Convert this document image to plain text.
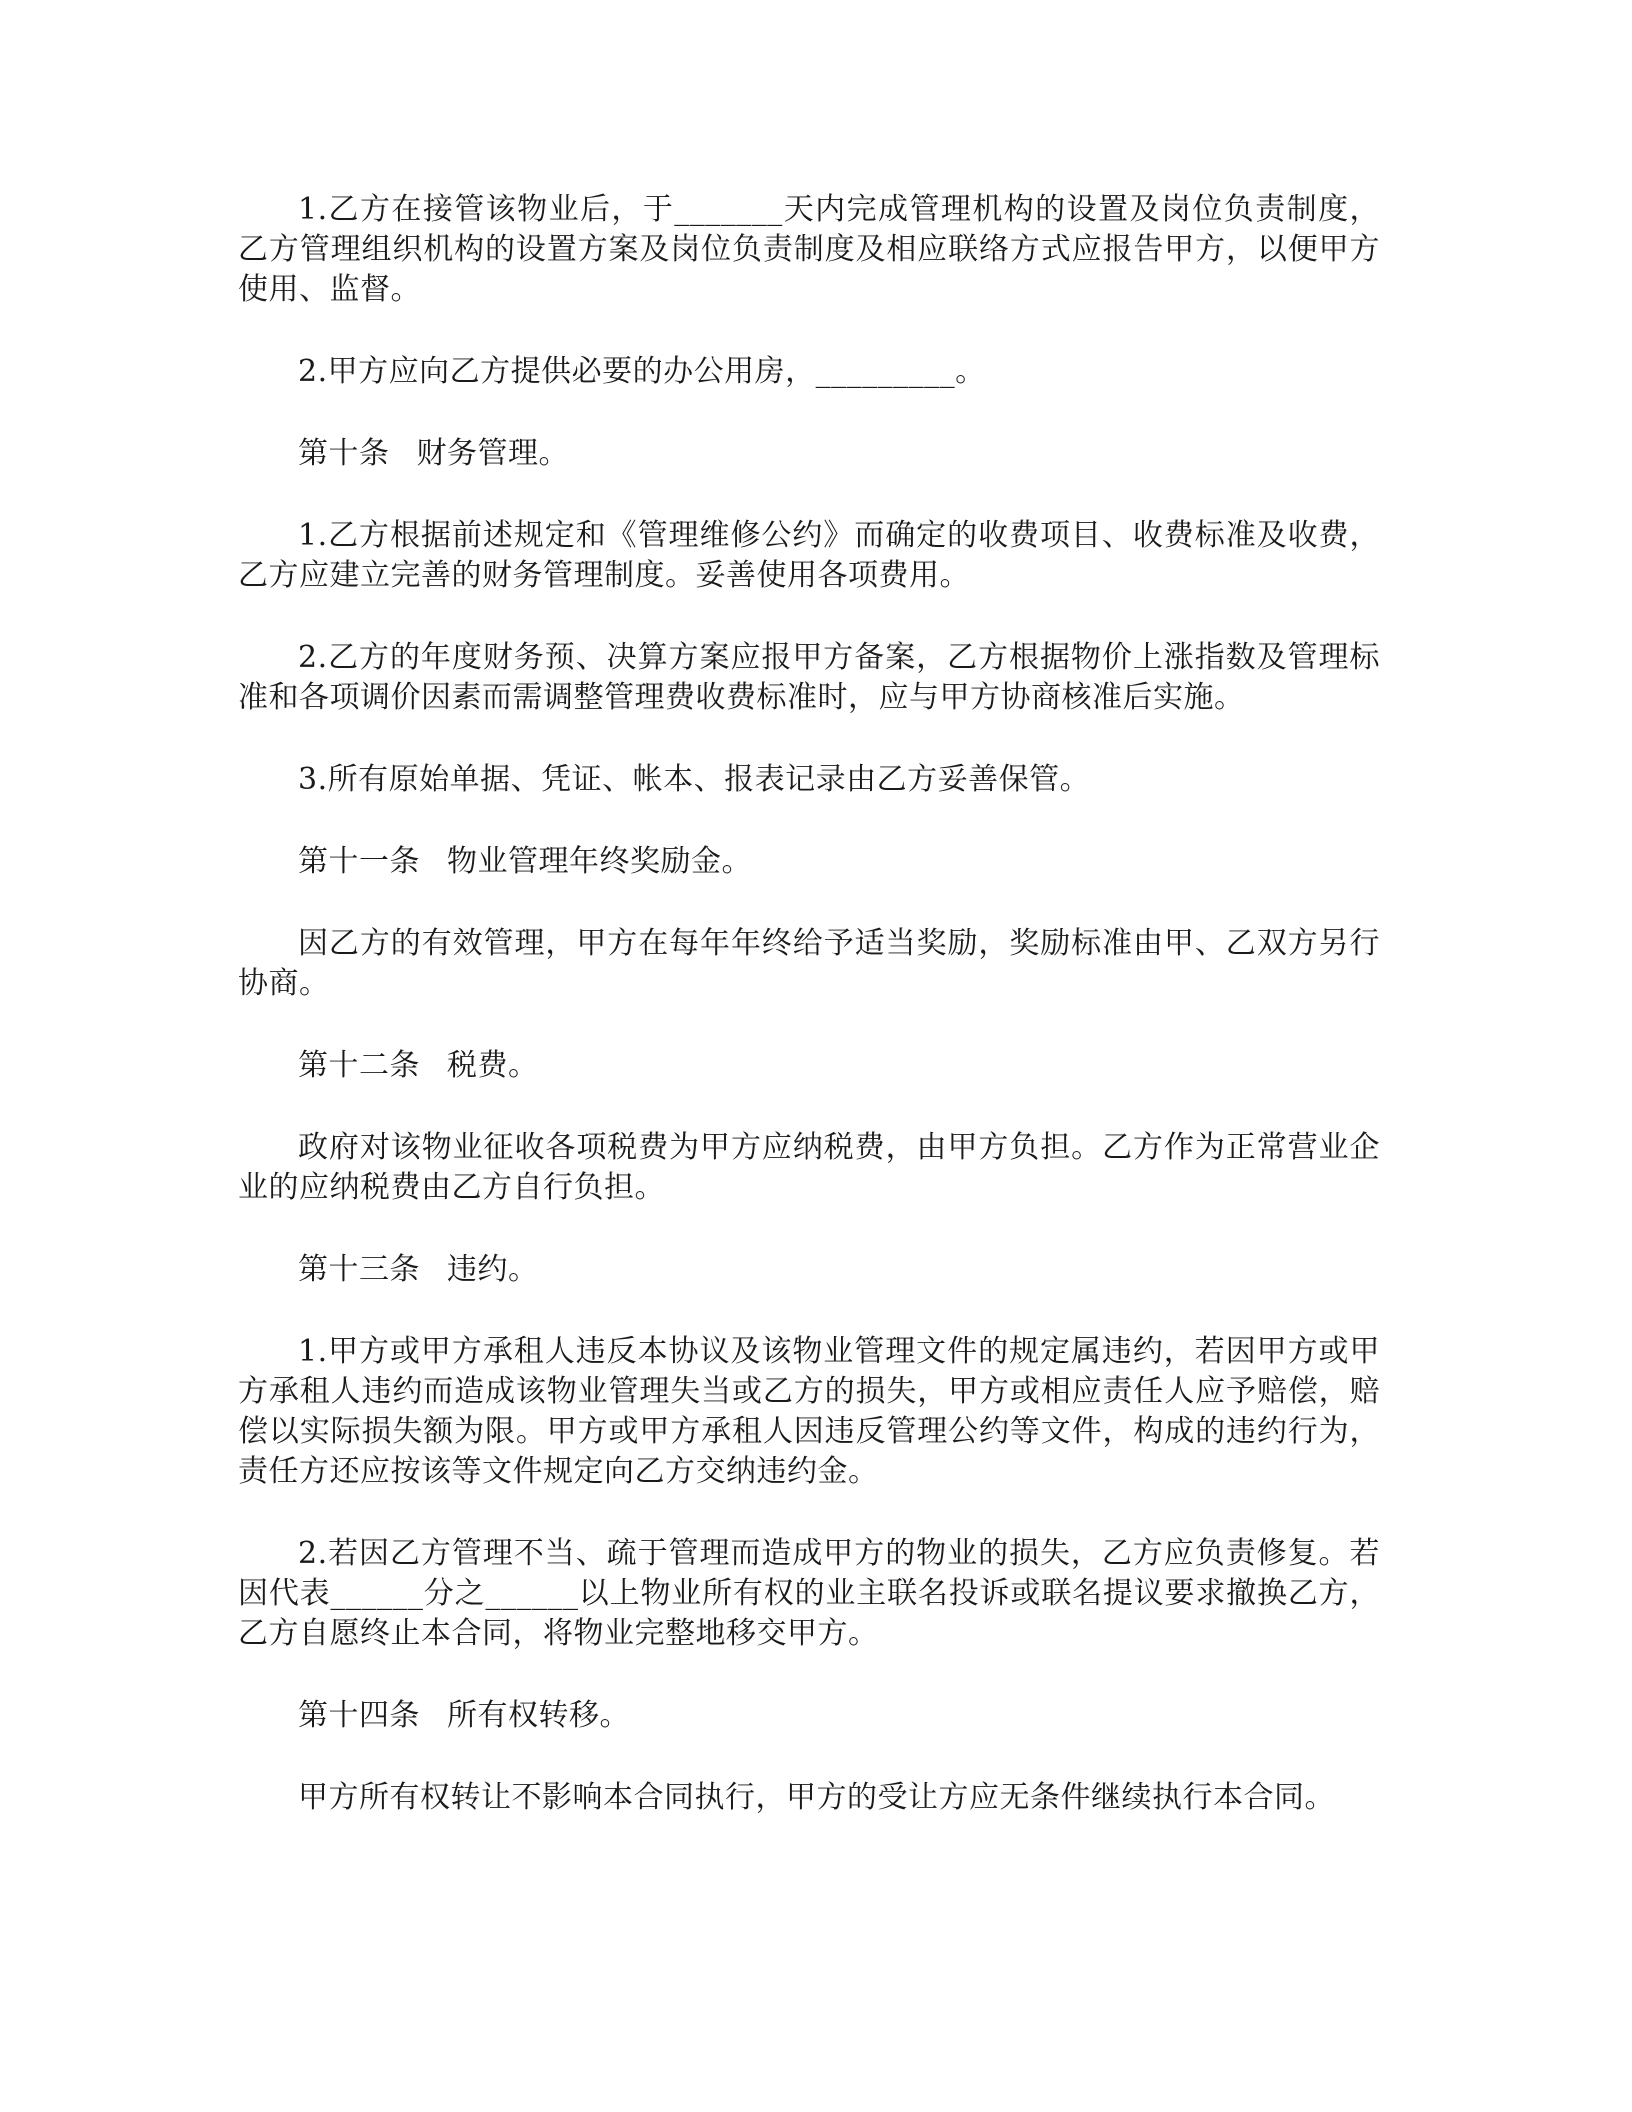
1.乙方在接管该物业后，于_______天内完成管理机构的设置及岗位负责制度，乙方管理组织机构的设置方案及岗位负责制度及相应联络方式应报告甲方，以便甲方使用、监督。

2.甲方应向乙方提供必要的办公用房，_________。

第十条 财务管理。

1.乙方根据前述规定和《管理维修公约》而确定的收费项目、收费标准及收费，乙方应建立完善的财务管理制度。妥善使用各项费用。

2.乙方的年度财务预、决算方案应报甲方备案，乙方根据物价上涨指数及管理标准和各项调价因素而需调整管理费收费标准时，应与甲方协商核准后实施。

3.所有原始单据、凭证、帐本、报表记录由乙方妥善保管。

第十一条 物业管理年终奖励金。

因乙方的有效管理，甲方在每年年终给予适当奖励，奖励标准由甲、乙双方另行协商。

第十二条 税费。

政府对该物业征收各项税费为甲方应纳税费，由甲方负担。乙方作为正常营业企业的应纳税费由乙方自行负担。

第十三条 违约。

1.甲方或甲方承租人违反本协议及该物业管理文件的规定属违约，若因甲方或甲方承租人违约而造成该物业管理失当或乙方的损失，甲方或相应责任人应予赔偿，赔偿以实际损失额为限。甲方或甲方承租人因违反管理公约等文件，构成的违约行为，责任方还应按该等文件规定向乙方交纳违约金。

2.若因乙方管理不当、疏于管理而造成甲方的物业的损失，乙方应负责修复。若因代表______分之______以上物业所有权的业主联名投诉或联名提议要求撤换乙方，乙方自愿终止本合同，将物业完整地移交甲方。

第十四条 所有权转移。

甲方所有权转让不影响本合同执行，甲方的受让方应无条件继续执行本合同。
